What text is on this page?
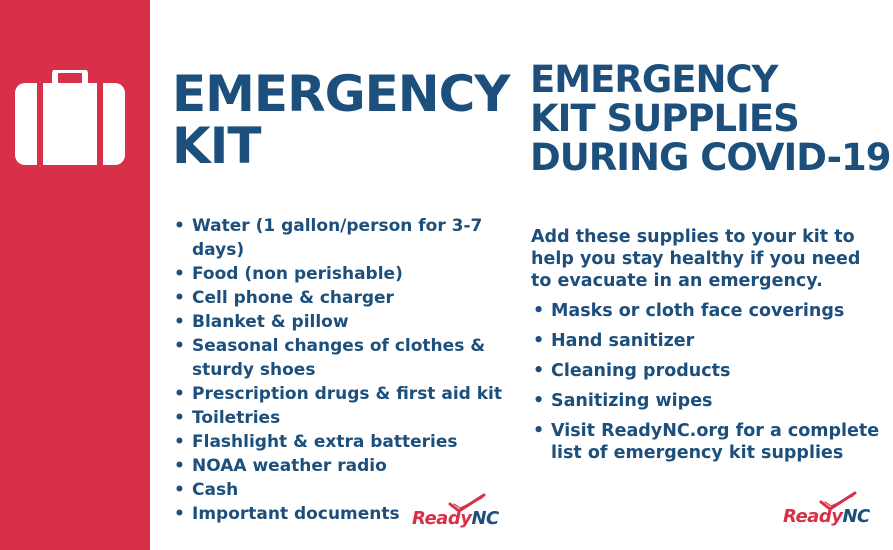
EMERGENCY
KIT
• Water (1 gallon/person for 3-7 days)
• Food (non perishable)
• Cell phone & charger
• Blanket & pillow
• Seasonal changes of clothes & sturdy shoes
• Prescription drugs & first aid kit
• Toiletries
• Flashlight & extra batteries
• NOAA weather radio
• Cash
• Important documents ReadyNC
EMERGENCY
KIT SUPPLIES
DURING COVID-19

Add these supplies to your kit to help you stay healthy if you need to evacuate in an emergency.

• Masks or cloth face coverings
• Hand sanitizer
• Cleaning products
• Sanitizing wipes
• Visit ReadyNC.org for a complete list of emergency kit supplies
ReadyNC
